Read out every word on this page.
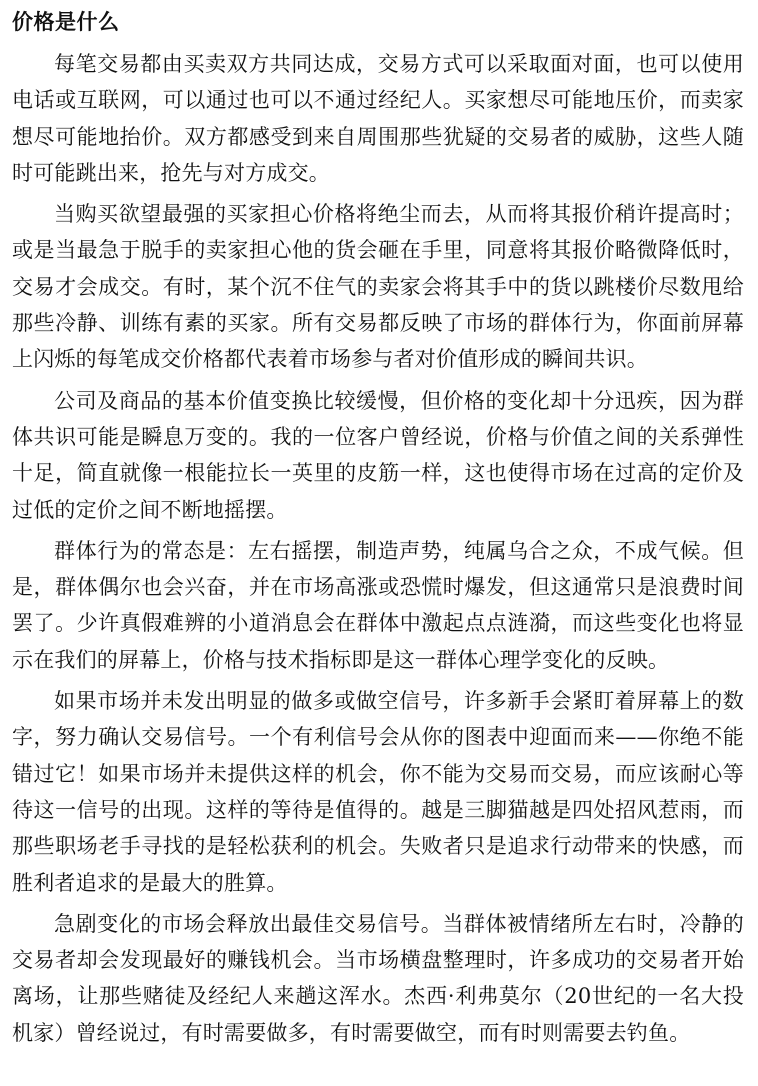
价格是什么

每笔交易都由买卖双方共同达成，交易方式可以采取面对面，也可以使用电话或互联网，可以通过也可以不通过经纪人。买家想尽可能地压价，而卖家想尽可能地抬价。双方都感受到来自周围那些犹疑的交易者的威胁，这些人随时可能跳出来，抢先与对方成交。

当购买欲望最强的买家担心价格将绝尘而去，从而将其报价稍许提高时；或是当最急于脱手的卖家担心他的货会砸在手里，同意将其报价略微降低时，交易才会成交。有时，某个沉不住气的卖家会将其手中的货以跳楼价尽数甩给那些冷静、训练有素的买家。所有交易都反映了市场的群体行为，你面前屏幕上闪烁的每笔成交价格都代表着市场参与者对价值形成的瞬间共识。

公司及商品的基本价值变换比较缓慢，但价格的变化却十分迅疾，因为群体共识可能是瞬息万变的。我的一位客户曾经说，价格与价值之间的关系弹性十足，简直就像一根能拉长一英里的皮筋一样，这也使得市场在过高的定价及过低的定价之间不断地摇摆。

群体行为的常态是：左右摇摆，制造声势，纯属乌合之众，不成气候。但是，群体偶尔也会兴奋，并在市场高涨或恐慌时爆发，但这通常只是浪费时间罢了。少许真假难辨的小道消息会在群体中激起点点涟漪，而这些变化也将显示在我们的屏幕上，价格与技术指标即是这一群体心理学变化的反映。

如果市场并未发出明显的做多或做空信号，许多新手会紧盯着屏幕上的数字，努力确认交易信号。一个有利信号会从你的图表中迎面而来——你绝不能错过它！如果市场并未提供这样的机会，你不能为交易而交易，而应该耐心等待这一信号的出现。这样的等待是值得的。越是三脚猫越是四处招风惹雨，而那些职场老手寻找的是轻松获利的机会。失败者只是追求行动带来的快感，而胜利者追求的是最大的胜算。

急剧变化的市场会释放出最佳交易信号。当群体被情绪所左右时，冷静的交易者却会发现最好的赚钱机会。当市场横盘整理时，许多成功的交易者开始离场，让那些赌徒及经纪人来趟这浑水。杰西·利弗莫尔（20世纪的一名大投机家）曾经说过，有时需要做多，有时需要做空，而有时则需要去钓鱼。
